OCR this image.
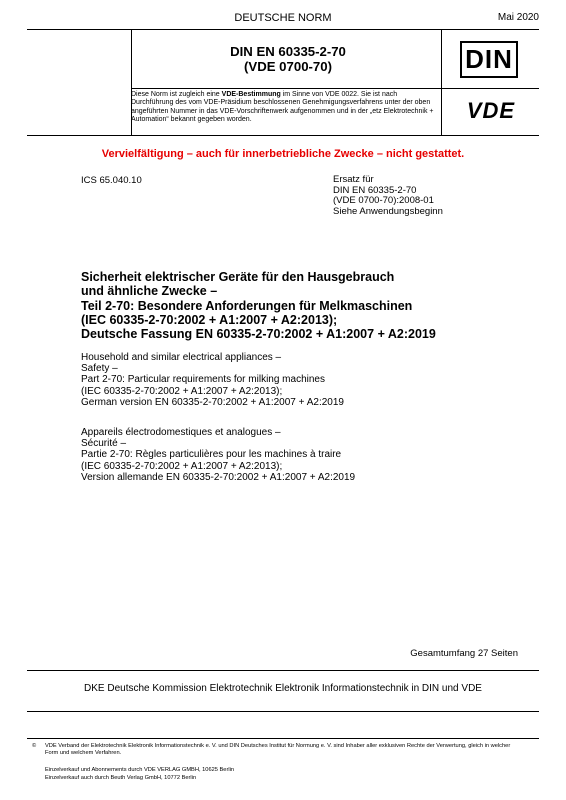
DEUTSCHE NORM	Mai 2020
DIN EN 60335-2-70
(VDE 0700-70)	DIN
Diese Norm ist zugleich eine VDE-Bestimmung im Sinne von VDE 0022. Sie ist nach Durchführung des vom VDE-Präsidium beschlossenen Genehmigungsverfahrens unter der oben angeführten Nummer in das VDE-Vorschriftenwerk aufgenommen und in der „etz Elektrotechnik + Automation“ bekannt gegeben worden.	VDE
Vervielfältigung – auch für innerbetriebliche Zwecke – nicht gestattet.
ICS 65.040.10	Ersatz für
DIN EN 60335-2-70
(VDE 0700-70):2008-01
Siehe Anwendungsbeginn
Sicherheit elektrischer Geräte für den Hausgebrauch
und ähnliche Zwecke –
Teil 2-70: Besondere Anforderungen für Melkmaschinen
(IEC 60335-2-70:2002 + A1:2007 + A2:2013);
Deutsche Fassung EN 60335-2-70:2002 + A1:2007 + A2:2019
Household and similar electrical appliances –
Safety –
Part 2-70: Particular requirements for milking machines
(IEC 60335-2-70:2002 + A1:2007 + A2:2013);
German version EN 60335-2-70:2002 + A1:2007 + A2:2019
Appareils électrodomestiques et analogues –
Sécurité –
Partie 2-70: Règles particulières pour les machines à traire
(IEC 60335-2-70:2002 + A1:2007 + A2:2013);
Version allemande EN 60335-2-70:2002 + A1:2007 + A2:2019
Gesamtumfang 27 Seiten
DKE Deutsche Kommission Elektrotechnik Elektronik Informationstechnik in DIN und VDE
© VDE Verband der Elektrotechnik Elektronik Informationstechnik e. V. und DIN Deutsches Institut für Normung e. V. sind Inhaber aller exklusiven Rechte der Verwertung, gleich in welcher Form und welchem Verfahren.
Einzelverkauf und Abonnements durch VDE VERLAG GMBH, 10625 Berlin
Einzelverkauf auch durch Beuth Verlag GmbH, 10772 Berlin
